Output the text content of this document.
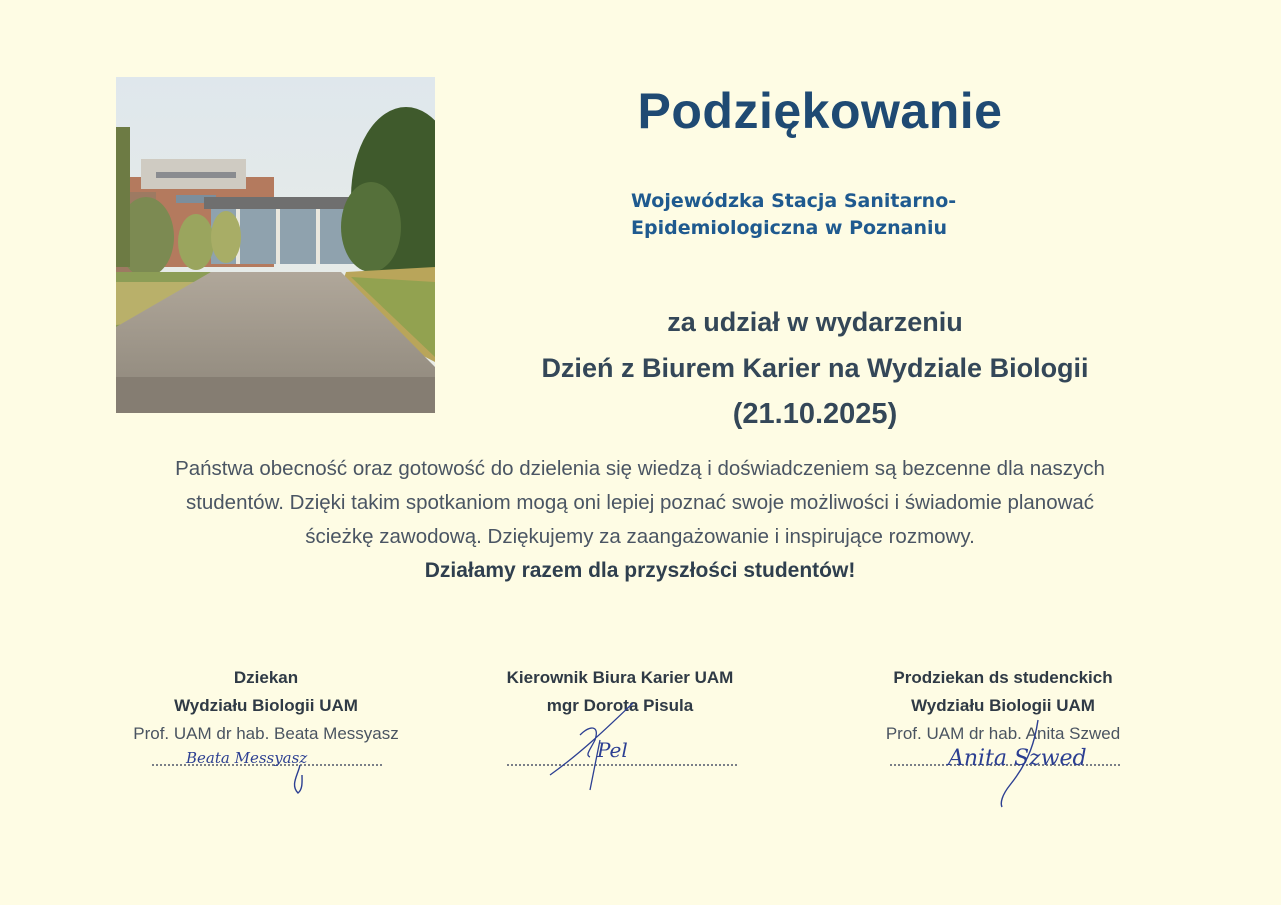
Podziękowanie
Wojewódzka Stacja Sanitarno-
Epidemiologiczna w Poznaniu
za udział w wydarzeniu
Dzień z Biurem Karier na Wydziale Biologii
(21.10.2025)
Państwa obecność oraz gotowość do dzielenia się wiedzą i doświadczeniem są bezcenne dla naszych
studentów. Dzięki takim spotkaniom mogą oni lepiej poznać swoje możliwości i świadomie planować
ścieżkę zawodową. Dziękujemy za zaangażowanie i inspirujące rozmowy.
Działamy razem dla przyszłości studentów!
Dziekan
Wydziału Biologii UAM
Prof. UAM dr hab. Beata Messyasz
Beata Messyasz
Kierownik Biura Karier UAM
mgr Dorota Pisula
Pel
Prodziekan ds studenckich
Wydziału Biologii UAM
Prof. UAM dr hab. Anita Szwed
Anita Szwed
